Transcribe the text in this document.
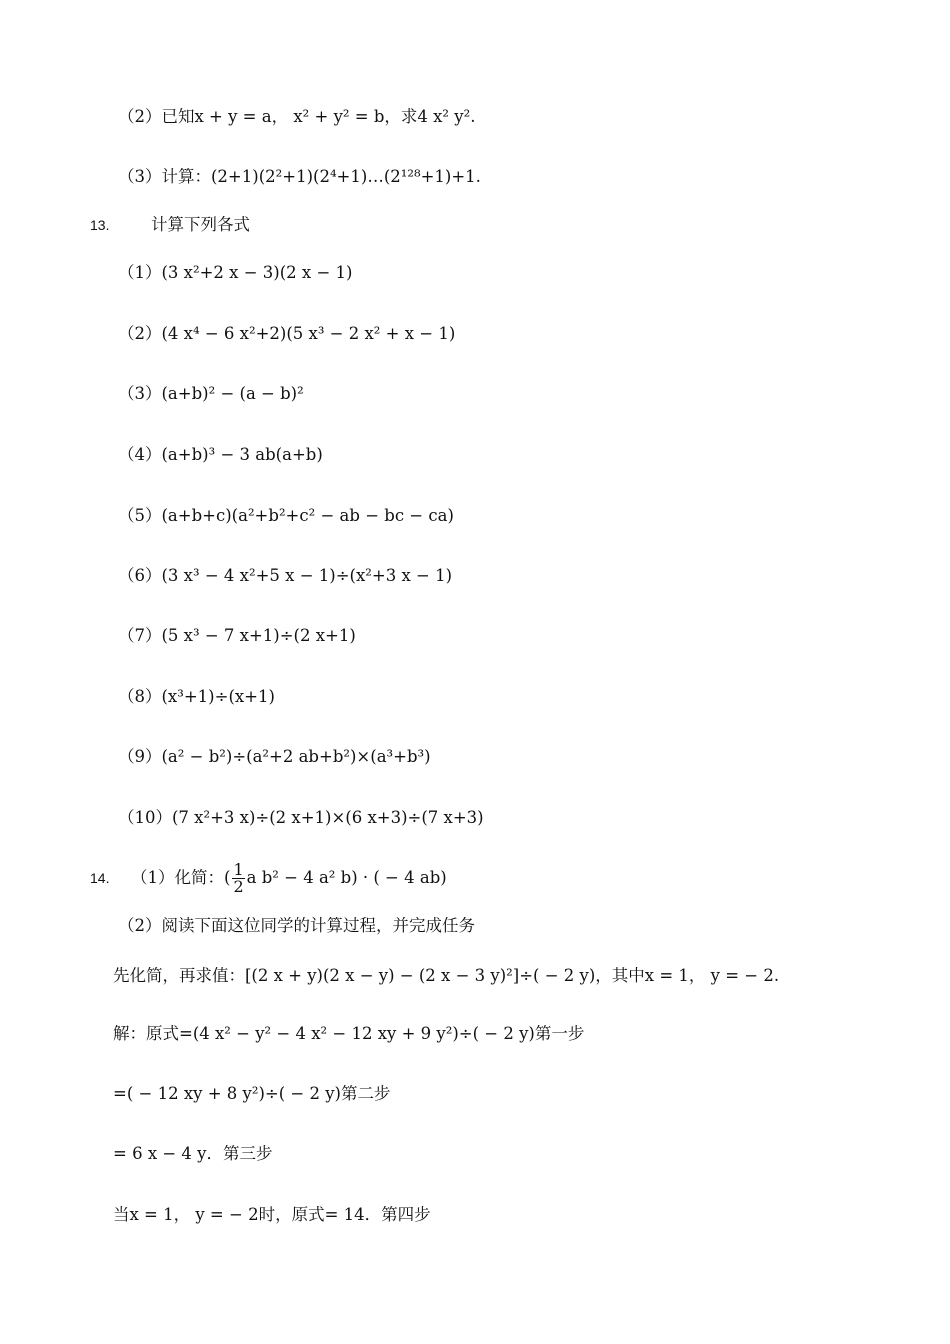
（2）已知x + y = a， x² + y² = b，求4 x² y².
（3）计算：(2+1)(2²+1)(2⁴+1)…(2¹²⁸+1)+1.
13.	计算下列各式
（1）(3 x²+2 x − 3)(2 x − 1)
（2）(4 x⁴ − 6 x²+2)(5 x³ − 2 x² + x − 1)
（3）(a+b)² − (a − b)²
（4）(a+b)³ − 3 ab(a+b)
（5）(a+b+c)(a²+b²+c² − ab − bc − ca)
（6）(3 x³ − 4 x²+5 x − 1)÷(x²+3 x − 1)
（7）(5 x³ − 7 x+1)÷(2 x+1)
（8）(x³+1)÷(x+1)
（9）(a² − b²)÷(a²+2 ab+b²)×(a³+b³)
（10）(7 x²+3 x)÷(2 x+1)×(6 x+3)÷(7 x+3)
14. （1）化简：( $\frac{1}{2}$ a b² − 4 a² b) · ( − 4 ab)
（2）阅读下面这位同学的计算过程，并完成任务
先化简，再求值：[(2 x + y)(2 x − y) − (2 x − 3 y)²]÷( − 2 y)，其中x = 1， y = − 2.
解：原式=(4 x² − y² − 4 x² − 12 xy + 9 y²)÷( − 2 y)第一步
=( − 12 xy + 8 y²)÷( − 2 y)第二步
= 6 x − 4 y．第三步
当x = 1， y = − 2时，原式= 14．第四步
